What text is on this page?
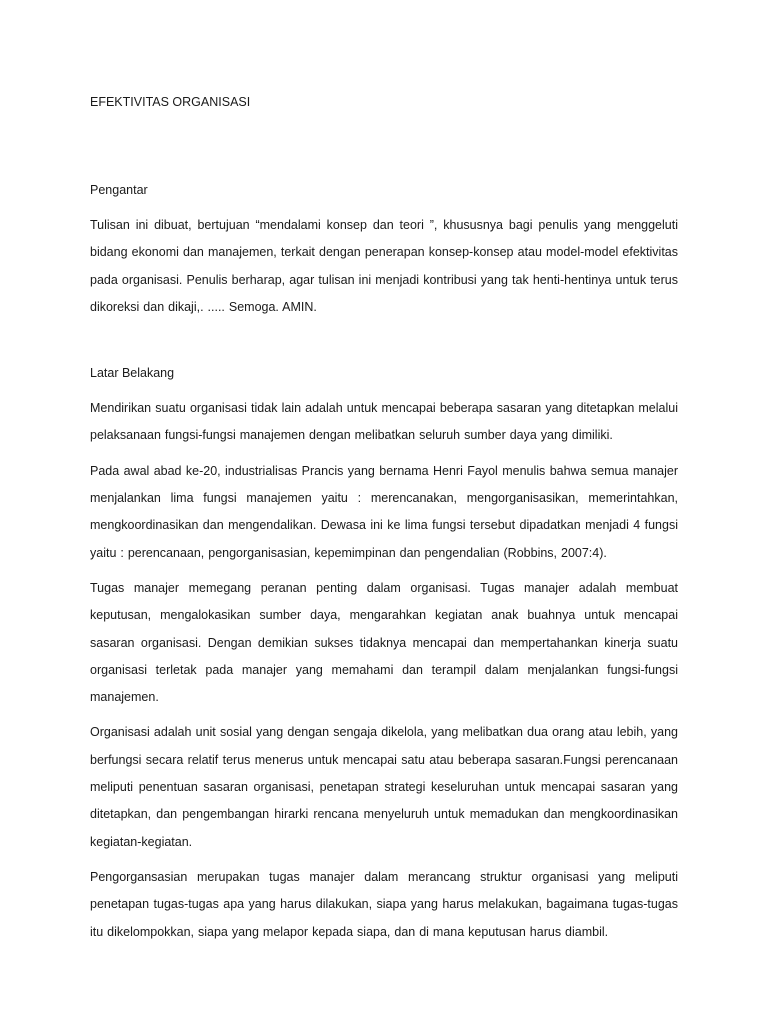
EFEKTIVITAS ORGANISASI
Pengantar

Tulisan ini dibuat, bertujuan “mendalami konsep dan teori ”, khususnya bagi penulis yang menggeluti bidang ekonomi dan manajemen, terkait dengan penerapan konsep-konsep atau model-model efektivitas pada organisasi. Penulis berharap, agar tulisan ini menjadi kontribusi yang tak henti-hentinya untuk terus dikoreksi dan dikaji,. ..... Semoga. AMIN.

Latar Belakang

Mendirikan suatu organisasi tidak lain adalah untuk mencapai beberapa sasaran yang ditetapkan melalui pelaksanaan fungsi-fungsi manajemen dengan melibatkan seluruh sumber daya yang dimiliki.

Pada awal abad ke-20, industrialisas Prancis yang bernama Henri Fayol menulis bahwa semua manajer menjalankan lima fungsi manajemen yaitu : merencanakan, mengorganisasikan, memerintahkan, mengkoordinasikan dan mengendalikan. Dewasa ini ke lima fungsi tersebut dipadatkan menjadi 4 fungsi yaitu : perencanaan, pengorganisasian, kepemimpinan dan pengendalian (Robbins, 2007:4).

Tugas manajer memegang peranan penting dalam organisasi. Tugas manajer adalah membuat keputusan, mengalokasikan sumber daya, mengarahkan kegiatan anak buahnya untuk mencapai sasaran organisasi. Dengan demikian sukses tidaknya mencapai dan mempertahankan kinerja suatu organisasi terletak pada manajer yang memahami dan terampil dalam menjalankan fungsi-fungsi manajemen.

Organisasi adalah unit sosial yang dengan sengaja dikelola, yang melibatkan dua orang atau lebih, yang berfungsi secara relatif terus menerus untuk mencapai satu atau beberapa sasaran.Fungsi perencanaan meliputi penentuan sasaran organisasi, penetapan strategi keseluruhan untuk mencapai sasaran yang ditetapkan, dan pengembangan hirarki rencana menyeluruh untuk memadukan dan mengkoordinasikan kegiatan-kegiatan.

Pengorgansasian merupakan tugas manajer dalam merancang struktur organisasi yang meliputi penetapan tugas-tugas apa yang harus dilakukan, siapa yang harus melakukan, bagaimana tugas-tugas itu dikelompokkan, siapa yang melapor kepada siapa, dan di mana keputusan harus diambil.
